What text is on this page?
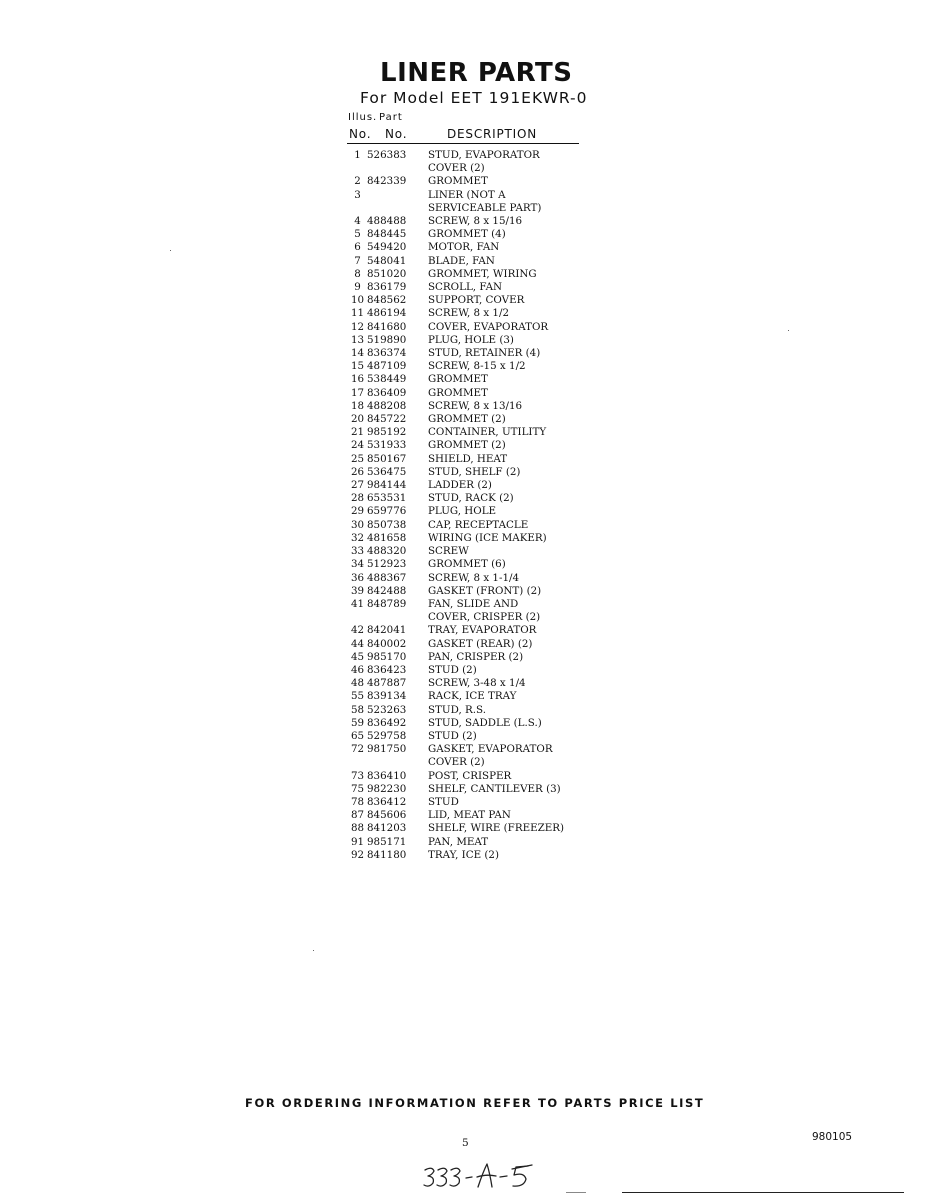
LINER PARTS
For Model EET 191EKWR-0
Illus. Part
No. No.	DESCRIPTION
1 526383	STUD, EVAPORATOR
COVER (2)
2 842339	GROMMET
3	LINER (NOT A
SERVICEABLE PART)
4 488488	SCREW, 8 x 15/16
5 848445	GROMMET (4)
6 549420	MOTOR, FAN
7 548041	BLADE, FAN
8 851020	GROMMET, WIRING
9 836179	SCROLL, FAN
10 848562	SUPPORT, COVER
11 486194	SCREW, 8 x 1/2
12 841680	COVER, EVAPORATOR
13 519890	PLUG, HOLE (3)
14 836374	STUD, RETAINER (4)
15 487109	SCREW, 8-15 x 1/2
16 538449	GROMMET
17 836409	GROMMET
18 488208	SCREW, 8 x 13/16
20 845722	GROMMET (2)
21 985192	CONTAINER, UTILITY
24 531933	GROMMET (2)
25 850167	SHIELD, HEAT
26 536475	STUD, SHELF (2)
27 984144	LADDER (2)
28 653531	STUD, RACK (2)
29 659776	PLUG, HOLE
30 850738	CAP, RECEPTACLE
32 481658	WIRING (ICE MAKER)
33 488320	SCREW
34 512923	GROMMET (6)
36 488367	SCREW, 8 x 1-1/4
39 842488	GASKET (FRONT) (2)
41 848789	FAN, SLIDE AND
COVER, CRISPER (2)
42 842041	TRAY, EVAPORATOR
44 840002	GASKET (REAR) (2)
45 985170	PAN, CRISPER (2)
46 836423	STUD (2)
48 487887	SCREW, 3-48 x 1/4
55 839134	RACK, ICE TRAY
58 523263	STUD, R.S.
59 836492	STUD, SADDLE (L.S.)
65 529758	STUD (2)
72 981750	GASKET, EVAPORATOR
COVER (2)
73 836410	POST, CRISPER
75 982230	SHELF, CANTILEVER (3)
78 836412	STUD
87 845606	LID, MEAT PAN
88 841203	SHELF, WIRE (FREEZER)
91 985171	PAN, MEAT
92 841180	TRAY, ICE (2)
FOR ORDERING INFORMATION REFER TO PARTS PRICE LIST
5	980105
